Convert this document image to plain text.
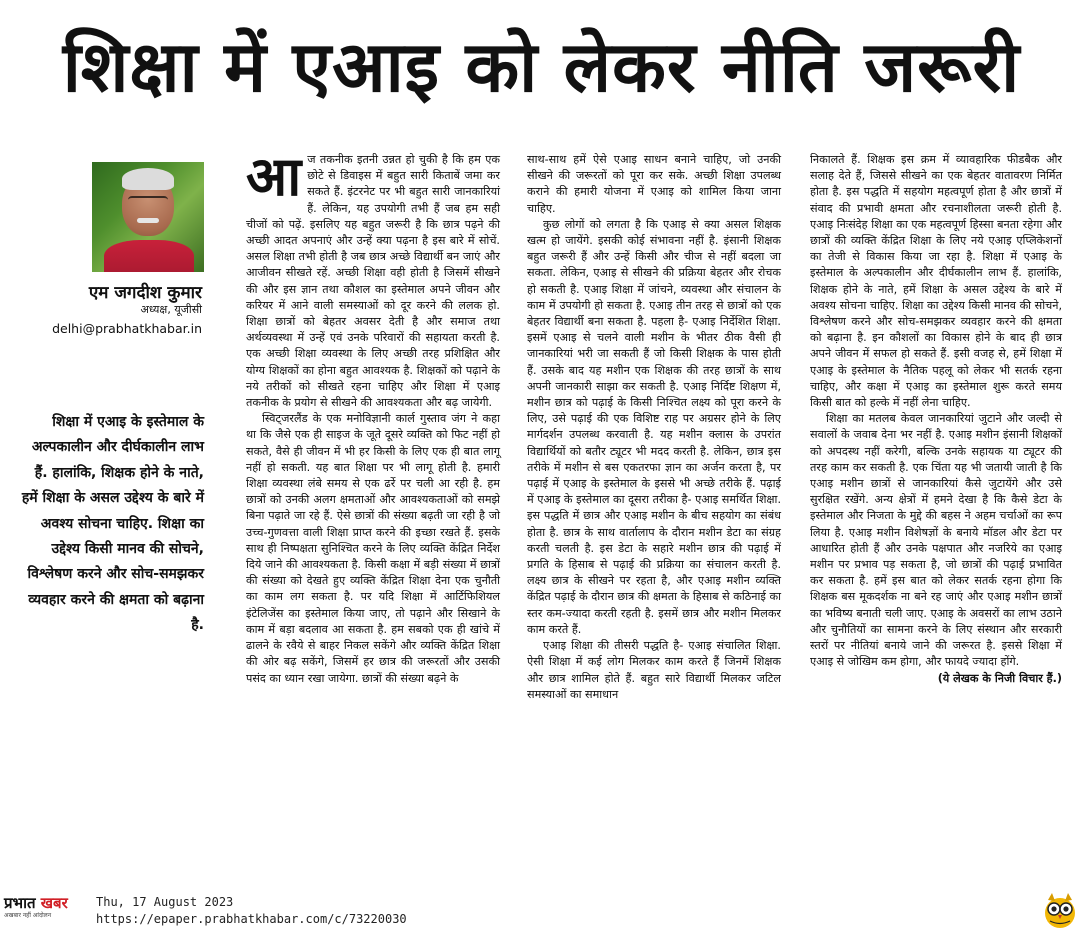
शिक्षा में एआइ को लेकर नीति जरूरी
एम जगदीश कुमार
अध्यक्ष, यूजीसी
delhi@prabhatkhabar.in
शिक्षा में एआइ के इस्तेमाल के अल्पकालीन और दीर्घकालीन लाभ हैं. हालांकि, शिक्षक होने के नाते, हमें शिक्षा के असल उद्देश्य के बारे में अवश्य सोचना चाहिए. शिक्षा का उद्देश्य किसी मानव की सोचने, विश्लेषण करने और सोच-समझकर व्यवहार करने की क्षमता को बढ़ाना है.

आज तकनीक इतनी उन्नत हो चुकी है कि हम एक छोटे से डिवाइस में बहुत सारी किताबें जमा कर सकते हैं. इंटरनेट पर भी बहुत सारी जानकारियां हैं. लेकिन, यह उपयोगी तभी हैं जब हम सही चीजों को पढ़ें. इसलिए यह बहुत जरूरी है कि छात्र पढ़ने की अच्छी आदत अपनाएं और उन्हें क्या पढ़ना है इस बारे में सोचें. असल शिक्षा तभी होती है जब छात्र अच्छे विद्यार्थी बन जाएं और आजीवन सीखते रहें. अच्छी शिक्षा वही होती है जिसमें सीखने की और इस ज्ञान तथा कौशल का इस्तेमाल अपने जीवन और करियर में आने वाली समस्याओं को दूर करने की ललक हो. शिक्षा छात्रों को बेहतर अवसर देती है और समाज तथा अर्थव्यवस्था में उन्हें एवं उनके परिवारों की सहायता करती है. एक अच्छी शिक्षा व्यवस्था के लिए अच्छी तरह प्रशिक्षित और योग्य शिक्षकों का होना बहुत आवश्यक है. शिक्षकों को पढ़ाने के नये तरीकों को सीखते रहना चाहिए और शिक्षा में एआइ तकनीक के प्रयोग से सीखने की आवश्यकता और बढ़ जायेगी.

स्विट्जरलैंड के एक मनोविज्ञानी कार्ल गुस्ताव जंग ने कहा था कि जैसे एक ही साइज के जूते दूसरे व्यक्ति को फिट नहीं हो सकते, वैसे ही जीवन में भी हर किसी के लिए एक ही बात लागू नहीं हो सकती. यह बात शिक्षा पर भी लागू होती है. हमारी शिक्षा व्यवस्था लंबे समय से एक ढर्रे पर चली आ रही है. हम छात्रों को उनकी अलग क्षमताओं और आवश्यकताओं को समझे बिना पढ़ाते जा रहे हैं. ऐसे छात्रों की संख्या बढ़ती जा रही है जो उच्च-गुणवत्ता वाली शिक्षा प्राप्त करने की इच्छा रखते हैं. इसके साथ ही निष्पक्षता सुनिश्चित करने के लिए व्यक्ति केंद्रित निर्देश दिये जाने की आवश्यकता है. किसी कक्षा में बड़ी संख्या में छात्रों की संख्या को देखते हुए व्यक्ति केंद्रित शिक्षा देना एक चुनौती का काम लग सकता है. पर यदि शिक्षा में आर्टिफिशियल इंटेलिजेंस का इस्तेमाल किया जाए, तो पढ़ाने और सिखाने के काम में बड़ा बदलाव आ सकता है. हम सबको एक ही खांचे में ढालने के रवैये से बाहर निकल सकेंगे और व्यक्ति केंद्रित शिक्षा की ओर बढ़ सकेंगे, जिसमें हर छात्र की जरूरतों और उसकी पसंद का ध्यान रखा जायेगा. छात्रों की संख्या बढ़ने के

साथ-साथ हमें ऐसे एआइ साधन बनाने चाहिए, जो उनकी सीखने की जरूरतों को पूरा कर सके. अच्छी शिक्षा उपलब्ध कराने की हमारी योजना में एआइ को शामिल किया जाना चाहिए.

कुछ लोगों को लगता है कि एआइ से क्या असल शिक्षक खत्म हो जायेंगे. इसकी कोई संभावना नहीं है. इंसानी शिक्षक बहुत जरूरी हैं और उन्हें किसी और चीज से नहीं बदला जा सकता. लेकिन, एआइ से सीखने की प्रक्रिया बेहतर और रोचक हो सकती है. एआइ शिक्षा में जांचने, व्यवस्था और संचालन के काम में उपयोगी हो सकता है. एआइ तीन तरह से छात्रों को एक बेहतर विद्यार्थी बना सकता है. पहला है- एआइ निर्देशित शिक्षा. इसमें एआइ से चलने वाली मशीन के भीतर ठीक वैसी ही जानकारियां भरी जा सकती हैं जो किसी शिक्षक के पास होती हैं. उसके बाद यह मशीन एक शिक्षक की तरह छात्रों के साथ अपनी जानकारी साझा कर सकती है. एआइ निर्दिष्ट शिक्षण में, मशीन छात्र को पढ़ाई के किसी निश्चित लक्ष्य को पूरा करने के लिए, उसे पढ़ाई की एक विशिष्ट राह पर अग्रसर होने के लिए मार्गदर्शन उपलब्ध करवाती है. यह मशीन क्लास के उपरांत विद्यार्थियों को बतौर ट्यूटर भी मदद करती है. लेकिन, छात्र इस तरीके में मशीन से बस एकतरफा ज्ञान का अर्जन करता है, पर पढ़ाई में एआइ के इस्तेमाल के इससे भी अच्छे तरीके हैं. पढ़ाई में एआइ के इस्तेमाल का दूसरा तरीका है- एआइ समर्थित शिक्षा. इस पद्धति में छात्र और एआइ मशीन के बीच सहयोग का संबंध होता है. छात्र के साथ वार्तालाप के दौरान मशीन डेटा का संग्रह करती चलती है. इस डेटा के सहारे मशीन छात्र की पढ़ाई में प्रगति के हिसाब से पढ़ाई की प्रक्रिया का संचालन करती है. लक्ष्य छात्र के सीखने पर रहता है, और एआइ मशीन व्यक्ति केंद्रित पढ़ाई के दौरान छात्र की क्षमता के हिसाब से कठिनाई का स्तर कम-ज्यादा करती रहती है. इसमें छात्र और मशीन मिलकर काम करते हैं.

एआइ शिक्षा की तीसरी पद्धति है- एआइ संचालित शिक्षा. ऐसी शिक्षा में कई लोग मिलकर काम करते हैं जिनमें शिक्षक और छात्र शामिल होते हैं. बहुत सारे विद्यार्थी मिलकर जटिल समस्याओं का समाधान

निकालते हैं. शिक्षक इस क्रम में व्यावहारिक फीडबैक और सलाह देते हैं, जिससे सीखने का एक बेहतर वातावरण निर्मित होता है. इस पद्धति में सहयोग महत्वपूर्ण होता है और छात्रों में संवाद की प्रभावी क्षमता और रचनाशीलता जरूरी होती है. एआइ निःसंदेह शिक्षा का एक महत्वपूर्ण हिस्सा बनता रहेगा और छात्रों की व्यक्ति केंद्रित शिक्षा के लिए नये एआइ एप्लिकेशनों का तेजी से विकास किया जा रहा है. शिक्षा में एआइ के इस्तेमाल के अल्पकालीन और दीर्घकालीन लाभ हैं. हालांकि, शिक्षक होने के नाते, हमें शिक्षा के असल उद्देश्य के बारे में अवश्य सोचना चाहिए. शिक्षा का उद्देश्य किसी मानव की सोचने, विश्लेषण करने और सोच-समझकर व्यवहार करने की क्षमता को बढ़ाना है. इन कौशलों का विकास होने के बाद ही छात्र अपने जीवन में सफल हो सकते हैं. इसी वजह से, हमें शिक्षा में एआइ के इस्तेमाल के नैतिक पहलू को लेकर भी सतर्क रहना चाहिए, और कक्षा में एआइ का इस्तेमाल शुरू करते समय किसी बात को हल्के में नहीं लेना चाहिए.

शिक्षा का मतलब केवल जानकारियां जुटाने और जल्दी से सवालों के जवाब देना भर नहीं है. एआइ मशीन इंसानी शिक्षकों को अपदस्थ नहीं करेगी, बल्कि उनके सहायक या ट्यूटर की तरह काम कर सकती है. एक चिंता यह भी जतायी जाती है कि एआइ मशीन छात्रों से जानकारियां कैसे जुटायेंगे और उसे सुरक्षित रखेंगे. अन्य क्षेत्रों में हमने देखा है कि कैसे डेटा के इस्तेमाल और निजता के मुद्दे की बहस ने अहम चर्चाओं का रूप लिया है. एआइ मशीन विशेषज्ञों के बनाये मॉडल और डेटा पर आधारित होती हैं और उनके पक्षपात और नजरिये का एआइ मशीन पर प्रभाव पड़ सकता है, जो छात्रों की पढ़ाई प्रभावित कर सकता है. हमें इस बात को लेकर सतर्क रहना होगा कि शिक्षक बस मूकदर्शक ना बने रह जाएं और एआइ मशीन छात्रों का भविष्य बनाती चली जाए. एआइ के अवसरों का लाभ उठाने और चुनौतियों का सामना करने के लिए संस्थान और सरकारी स्तरों पर नीतियां बनाये जाने की जरूरत है. इससे शिक्षा में एआइ से जोखिम कम होगा, और फायदे ज्यादा होंगे.

(ये लेखक के निजी विचार हैं.)

प्रभात खबर
अखबार नहीं आंदोलन
Thu, 17 August 2023
https://epaper.prabhatkhabar.com/c/73220030
